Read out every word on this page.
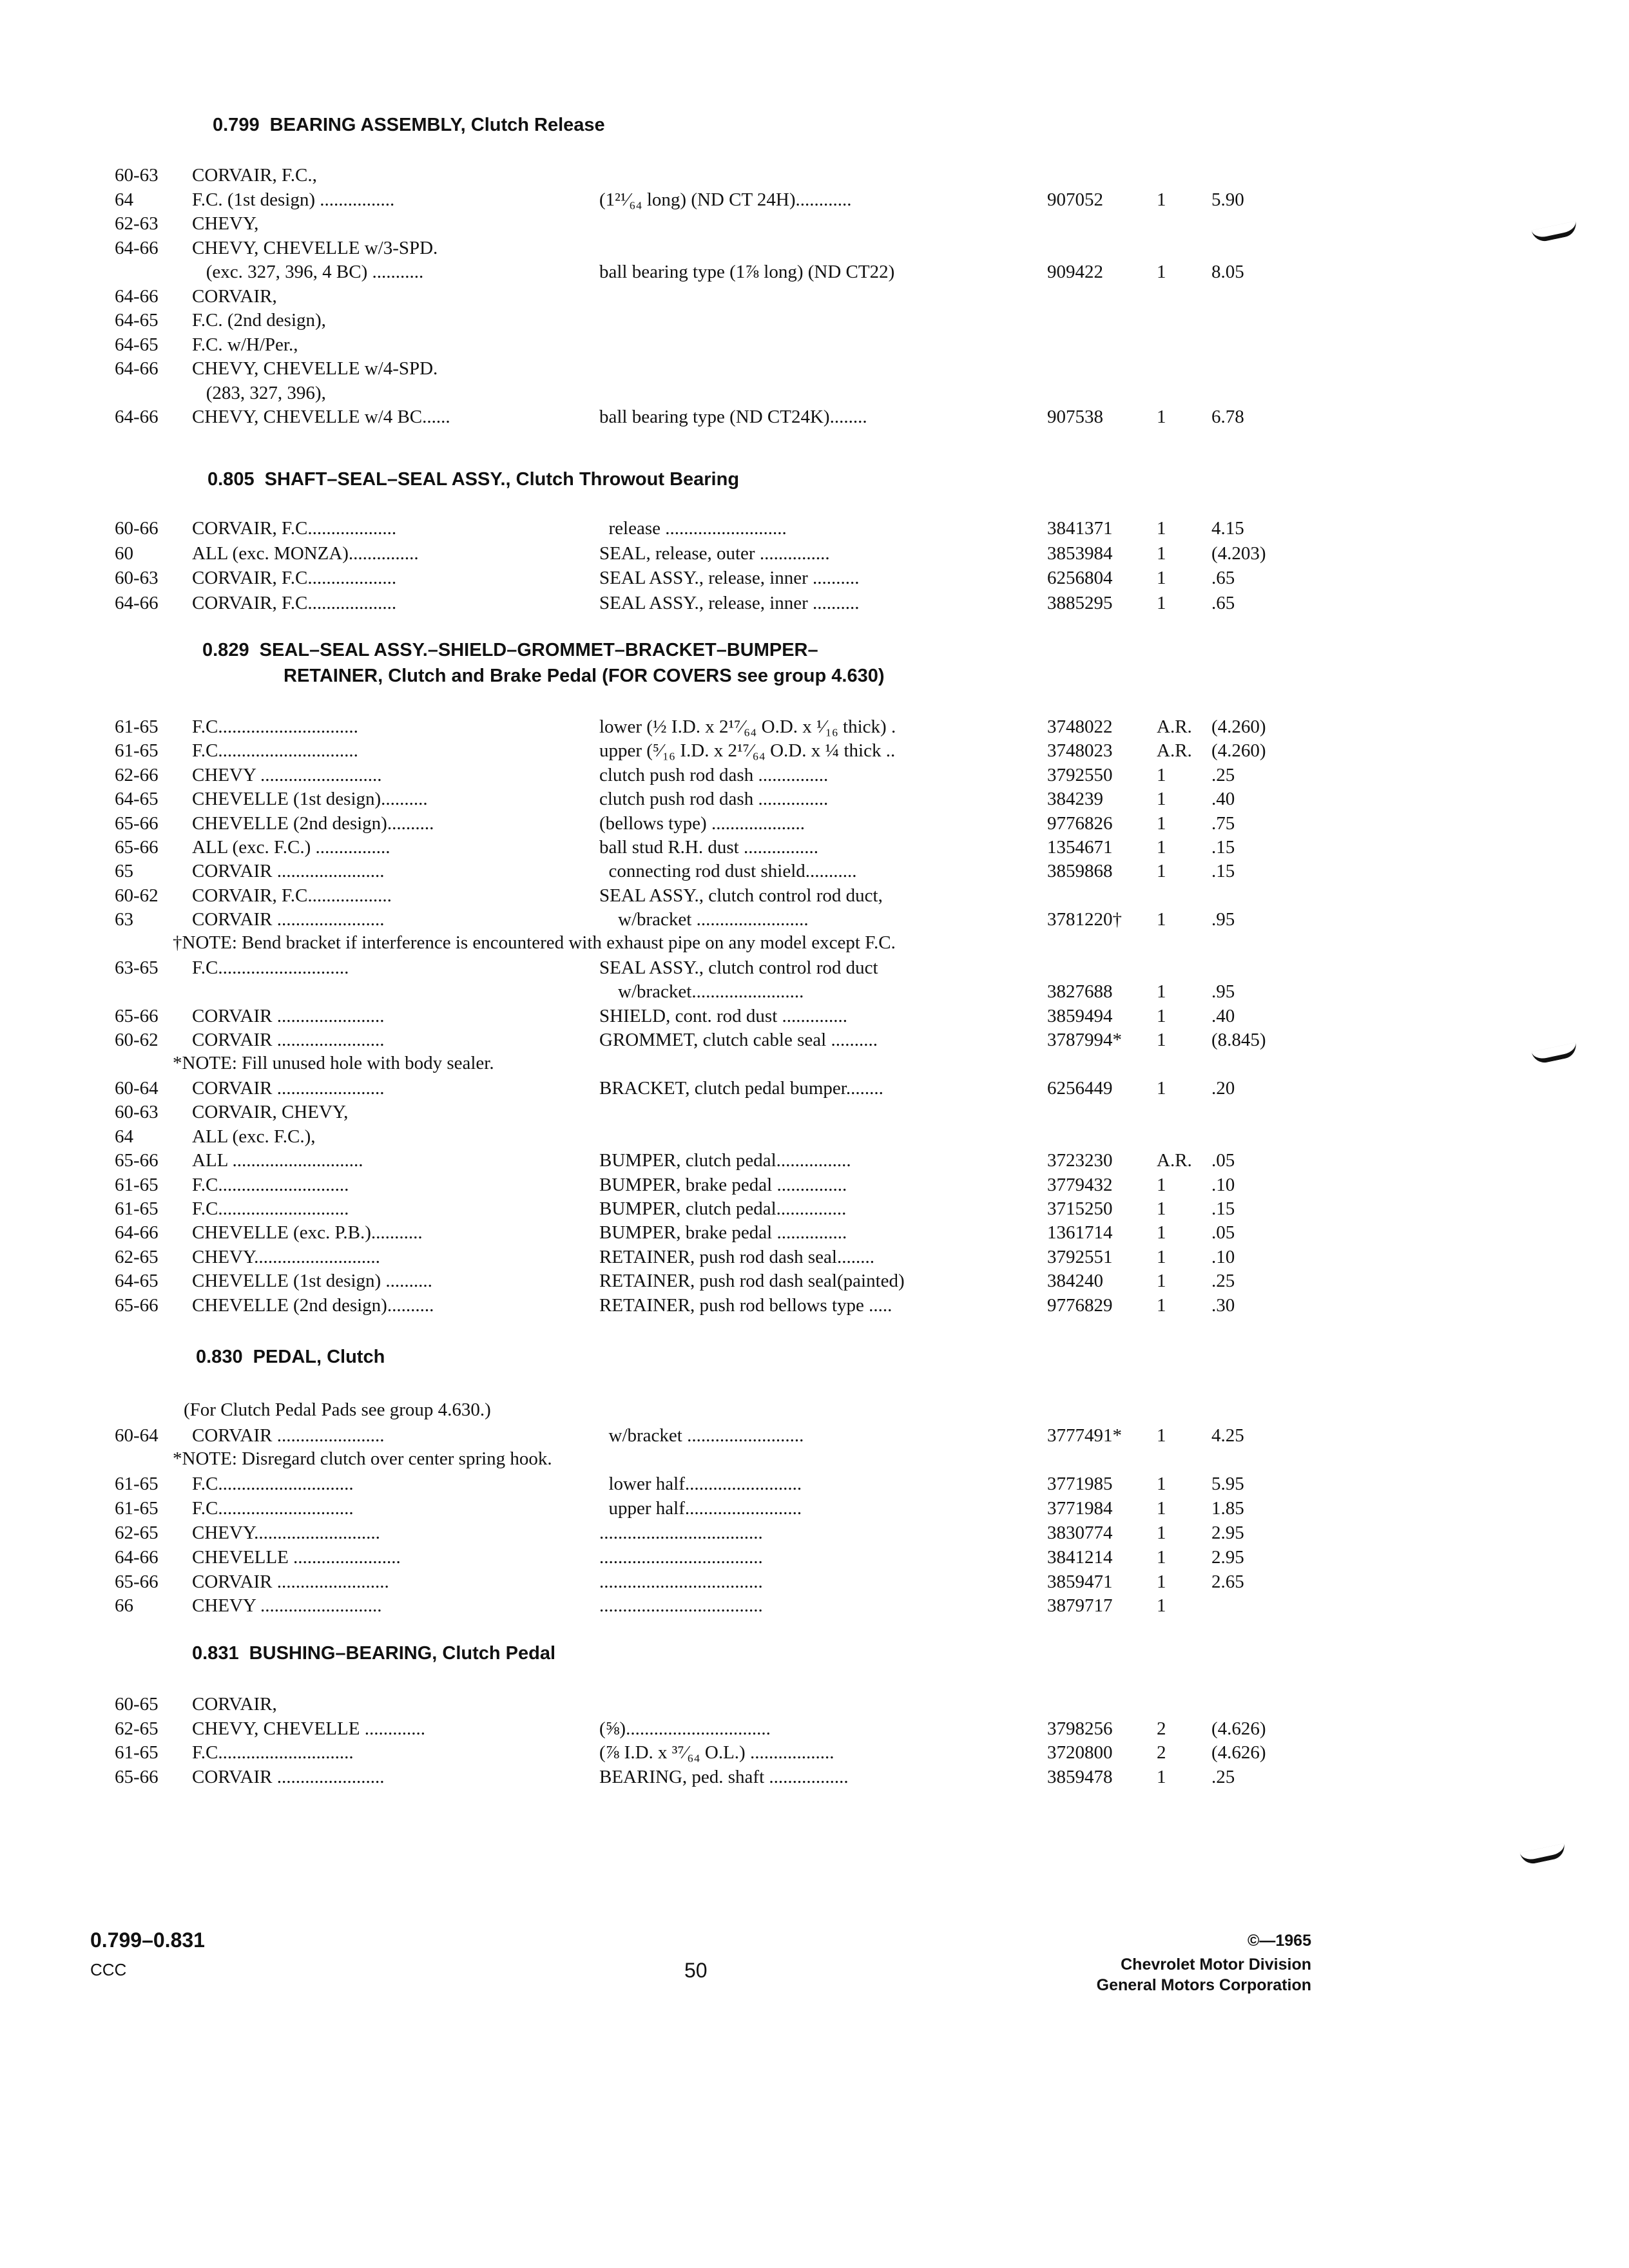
0.799  BEARING ASSEMBLY, Clutch Release
60-63 CORVAIR, F.C.,
64	F.C. (1st design) ................	(1²¹⁄₆₄ long) (ND CT 24H)............	907052	1 5.90
62-63 CHEVY,
64-66 CHEVY, CHEVELLE w/3-SPD.
(exc. 327, 396, 4 BC) ...........	ball bearing type (1⅞ long) (ND CT22)	909422	1 8.05
64-66 CORVAIR,
64-65 F.C. (2nd design),
64-65 F.C. w/H/Per.,
64-66 CHEVY, CHEVELLE w/4-SPD.
(283, 327, 396),
64-66 CHEVY, CHEVELLE w/4 BC......	ball bearing type (ND CT24K)........	907538	1 6.78
0.805  SHAFT–SEAL–SEAL ASSY., Clutch Throwout Bearing
60-66 CORVAIR, F.C...................	release ..........................	3841371 1 4.15
60	ALL (exc. MONZA)...............	SEAL, release, outer ...............	3853984 1 (4.203)
60-63 CORVAIR, F.C...................	SEAL ASSY., release, inner ..........	6256804 1 .65
64-66 CORVAIR, F.C...................	SEAL ASSY., release, inner ..........	3885295 1 .65
0.829  SEAL–SEAL ASSY.–SHIELD–GROMMET–BRACKET–BUMPER–
RETAINER, Clutch and Brake Pedal (FOR COVERS see group 4.630)
61-65 F.C..............................	lower (½ I.D. x 2¹⁷⁄₆₄ O.D. x ¹⁄₁₆ thick) .	3748022 A.R. (4.260)
61-65 F.C..............................	upper (⁵⁄₁₆ I.D. x 2¹⁷⁄₆₄ O.D. x ¼ thick ..	3748023 A.R. (4.260)
62-66 CHEVY ..........................	clutch push rod dash ...............	3792550 1 .25
64-65 CHEVELLE (1st design)..........	clutch push rod dash ...............	384239	1 .40
65-66 CHEVELLE (2nd design)..........	(bellows type) ....................	9776826 1 .75
65-66 ALL (exc. F.C.) ................	ball stud R.H. dust ................	1354671 1 .15
65	CORVAIR .......................	connecting rod dust shield...........	3859868 1 .15
60-62 CORVAIR, F.C..................	SEAL ASSY., clutch control rod duct,
63	CORVAIR .......................	w/bracket ........................	3781220† 1 .95
†NOTE: Bend bracket if interference is encountered with exhaust pipe on any model except F.C.
63-65 F.C............................	SEAL ASSY., clutch control rod duct
w/bracket........................	3827688 1 .95
65-66 CORVAIR .......................	SHIELD, cont. rod dust ..............	3859494 1 .40
60-62 CORVAIR .......................	GROMMET, clutch cable seal ..........	3787994* 1 (8.845)
*NOTE: Fill unused hole with body sealer.
60-64 CORVAIR .......................	BRACKET, clutch pedal bumper........	6256449 1 .20
60-63 CORVAIR, CHEVY,
64	ALL (exc. F.C.),
65-66 ALL ............................	BUMPER, clutch pedal................	3723230 A.R. .05
61-65 F.C............................	BUMPER, brake pedal ...............	3779432 1 .10
61-65 F.C............................	BUMPER, clutch pedal...............	3715250 1 .15
64-66 CHEVELLE (exc. P.B.)...........	BUMPER, brake pedal ...............	1361714 1 .05
62-65 CHEVY...........................	RETAINER, push rod dash seal........	3792551 1 .10
64-65 CHEVELLE (1st design) ..........	RETAINER, push rod dash seal(painted)	384240	1 .25
65-66 CHEVELLE (2nd design)..........	RETAINER, push rod bellows type .....	9776829 1 .30
0.830  PEDAL, Clutch
(For Clutch Pedal Pads see group 4.630.)
60-64 CORVAIR .......................	w/bracket .........................	3777491* 1 4.25
*NOTE: Disregard clutch over center spring hook.
61-65 F.C.............................	lower half.........................	3771985 1 5.95
61-65 F.C.............................	upper half.........................	3771984 1 1.85
62-65 CHEVY...........................	...................................	3830774 1 2.95
64-66 CHEVELLE .......................	...................................	3841214 1 2.95
65-66 CORVAIR ........................	...................................	3859471 1 2.65
66	CHEVY ..........................	...................................	3879717 1
0.831  BUSHING–BEARING, Clutch Pedal
60-65 CORVAIR,
62-65 CHEVY, CHEVELLE .............	(⅝)...............................	3798256 2 (4.626)
61-65 F.C.............................	(⅞ I.D. x ³⁷⁄₆₄ O.L.) ..................	3720800 2 (4.626)
65-66 CORVAIR .......................	BEARING, ped. shaft .................	3859478 1 .25
0.799–0.831
CCC	50
©—1965
Chevrolet Motor Division
General Motors Corporation
